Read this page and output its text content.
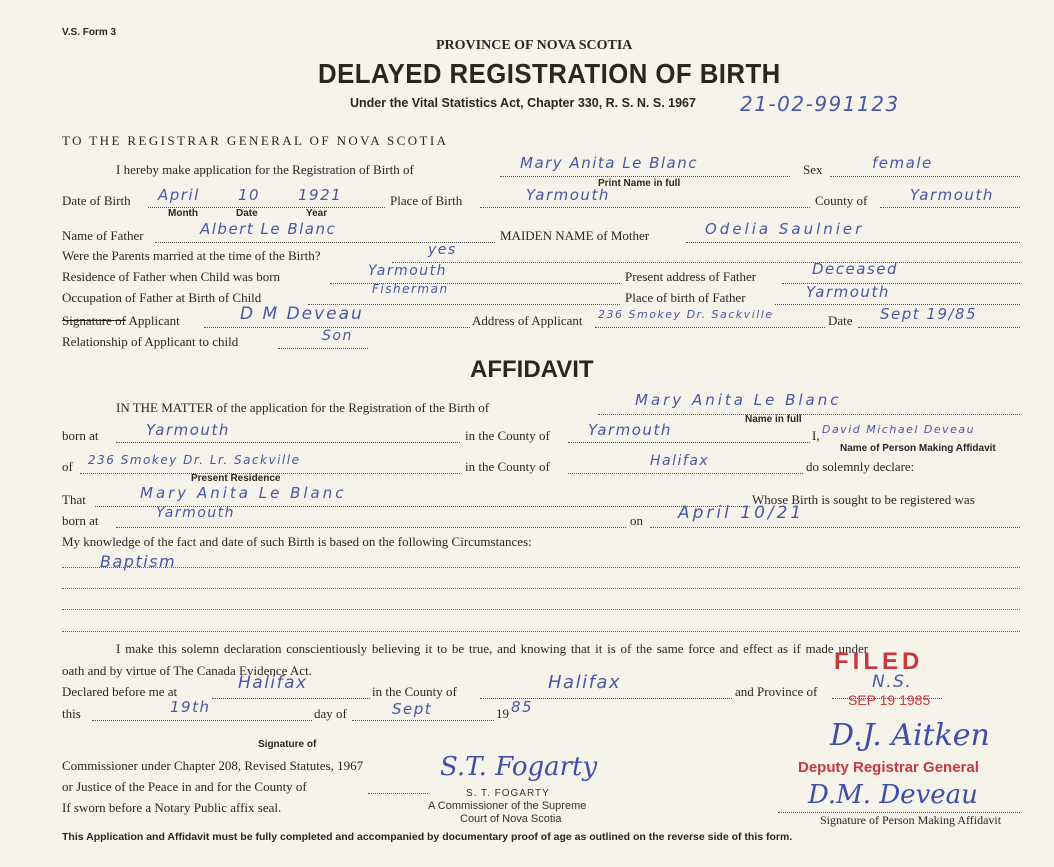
V.S. Form 3
PROVINCE OF NOVA SCOTIA
DELAYED REGISTRATION OF BIRTH
Under the Vital Statistics Act, Chapter 330, R. S. N. S. 1967 21-02-991123
TO THE REGISTRAR GENERAL OF NOVA SCOTIA
I hereby make application for the Registration of Birth of	Mary Anita Le Blanc
Print Name in full
Sex	female
Date of Birth April	10	1921
Month	Date	Year
Place of Birth	Yarmouth	County of	Yarmouth
Name of Father	Albert Le Blanc	MAIDEN NAME of Mother	Odelia Saulnier
Were the Parents married at the time of the Birth?	yes
Residence of Father when Child was born	Yarmouth	Present address of Father	Deceased
Occupation of Father at Birth of Child
Fisherman
Place of birth of Father	Yarmouth
Signature of Applicant	D M Deveau	Address of Applicant 236 Smokey Dr. Sackville	Date Sept 19/85
Relationship of Applicant to child	Son
AFFIDAVIT
IN THE MATTER of the application for the Registration of the Birth of	Mary Anita Le Blanc
Name in full
born at	Yarmouth	in the County of	Yarmouth	I, David Michael Deveau
Name of Person Making Affidavit
of 236 Smokey Dr. Lr. Sackville
Present Residence
in the County of	Halifax	do solemnly declare:
That	Mary Anita Le Blanc	Whose Birth is sought to be registered was
born at	Yarmouth	on April 10/21
My knowledge of the fact and date of such Birth is based on the following Circumstances:
Baptism
I make this solemn declaration conscientiously believing it to be true, and knowing that it is of the same force and effect as if made under
oath and by virtue of The Canada Evidence Act.
Declared before me at	Halifax	in the County of	Halifax	and Province of	N.S.
this	19th	day of	Sept	19 85
Signature of
Commissioner under Chapter 208, Revised Statutes, 1967
or Justice of the Peace in and for the County of
If sworn before a Notary Public affix seal.
S.T. Fogarty
S. T. FOGARTY
A Commissioner of the Supreme
Court of Nova Scotia
FILED
SEP 19 1985
D.J. Aitken
Deputy Registrar General
D.M. Deveau
Signature of Person Making Affidavit
This Application and Affidavit must be fully completed and accompanied by documentary proof of age as outlined on the reverse side of this form.
